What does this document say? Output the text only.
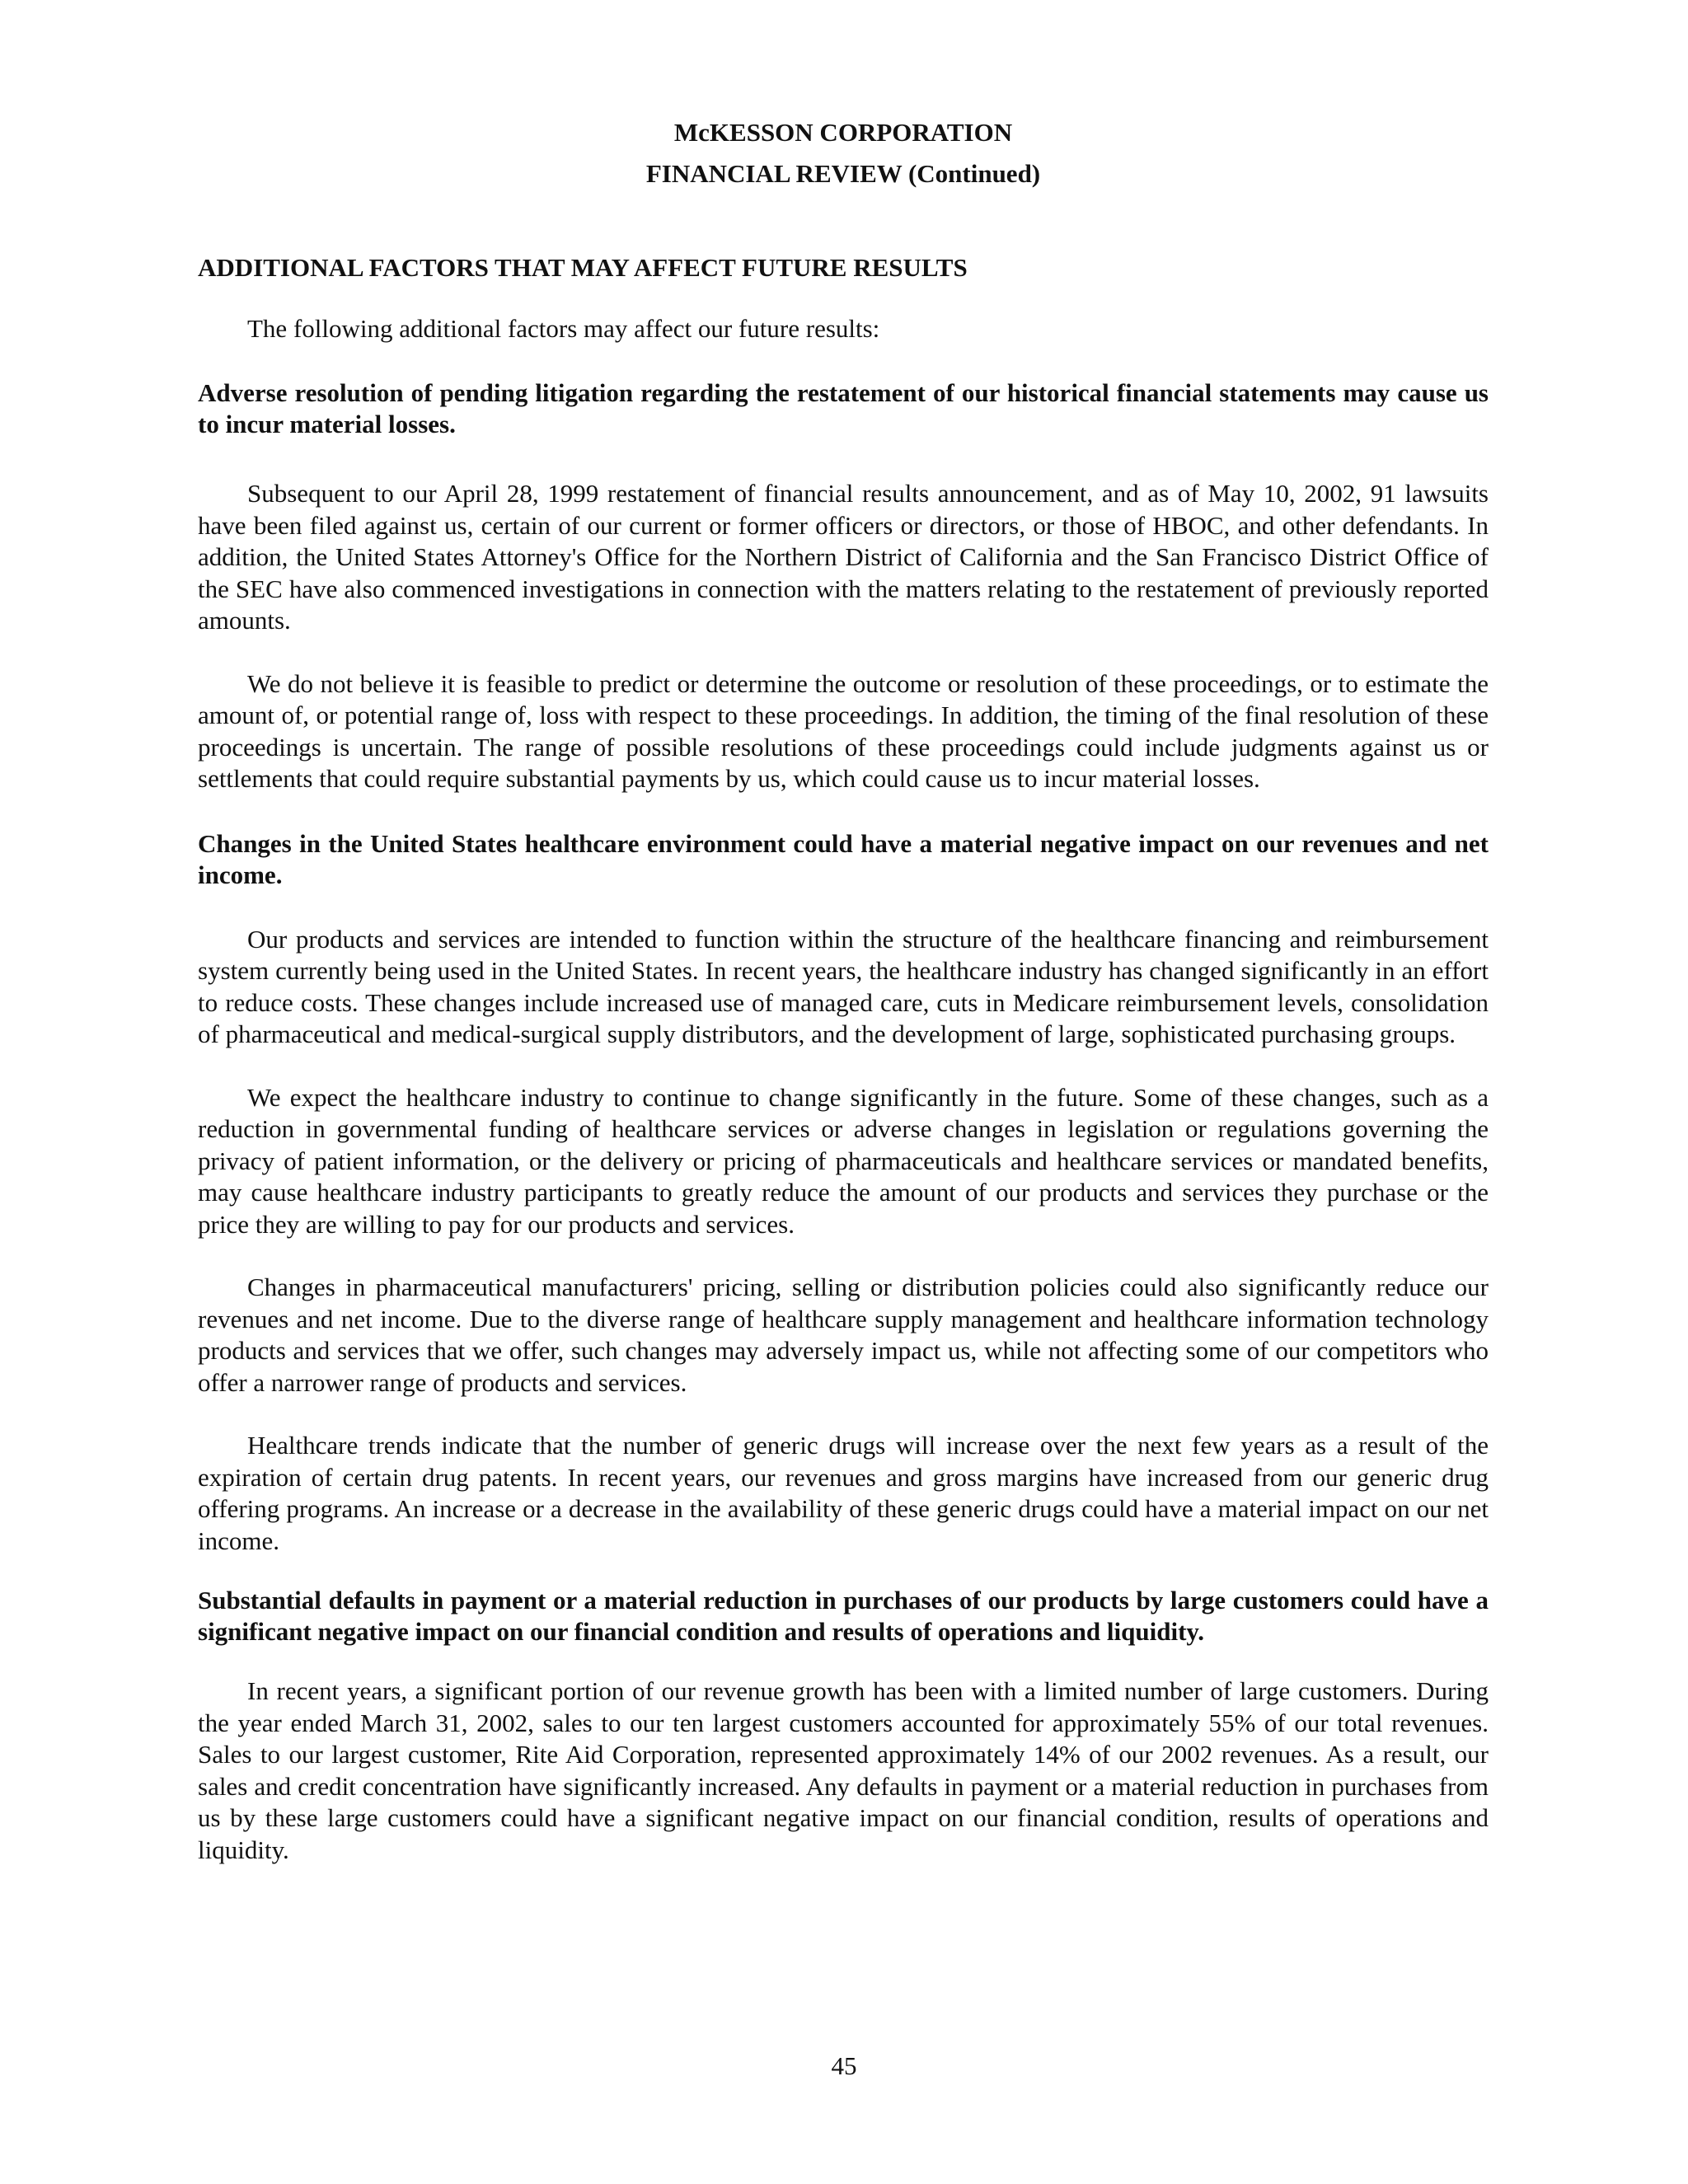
McKESSON CORPORATION

FINANCIAL REVIEW (Continued)

ADDITIONAL FACTORS THAT MAY AFFECT FUTURE RESULTS

The following additional factors may affect our future results:

Adverse resolution of pending litigation regarding the restatement of our historical financial statements may cause us to incur material losses.

Subsequent to our April 28, 1999 restatement of financial results announcement, and as of May 10, 2002, 91 lawsuits have been filed against us, certain of our current or former officers or directors, or those of HBOC, and other defendants. In addition, the United States Attorney's Office for the Northern District of California and the San Francisco District Office of the SEC have also commenced investigations in connection with the matters relating to the restatement of previously reported amounts.

We do not believe it is feasible to predict or determine the outcome or resolution of these proceedings, or to estimate the amount of, or potential range of, loss with respect to these proceedings. In addition, the timing of the final resolution of these proceedings is uncertain. The range of possible resolutions of these proceedings could include judgments against us or settlements that could require substantial payments by us, which could cause us to incur material losses.

Changes in the United States healthcare environment could have a material negative impact on our revenues and net income.

Our products and services are intended to function within the structure of the healthcare financing and reimbursement system currently being used in the United States. In recent years, the healthcare industry has changed significantly in an effort to reduce costs. These changes include increased use of managed care, cuts in Medicare reimbursement levels, consolidation of pharmaceutical and medical-surgical supply distributors, and the development of large, sophisticated purchasing groups.

We expect the healthcare industry to continue to change significantly in the future. Some of these changes, such as a reduction in governmental funding of healthcare services or adverse changes in legislation or regulations governing the privacy of patient information, or the delivery or pricing of pharmaceuticals and healthcare services or mandated benefits, may cause healthcare industry participants to greatly reduce the amount of our products and services they purchase or the price they are willing to pay for our products and services.

Changes in pharmaceutical manufacturers' pricing, selling or distribution policies could also significantly reduce our revenues and net income. Due to the diverse range of healthcare supply management and healthcare information technology products and services that we offer, such changes may adversely impact us, while not affecting some of our competitors who offer a narrower range of products and services.

Healthcare trends indicate that the number of generic drugs will increase over the next few years as a result of the expiration of certain drug patents. In recent years, our revenues and gross margins have increased from our generic drug offering programs. An increase or a decrease in the availability of these generic drugs could have a material impact on our net income.

Substantial defaults in payment or a material reduction in purchases of our products by large customers could have a significant negative impact on our financial condition and results of operations and liquidity.

In recent years, a significant portion of our revenue growth has been with a limited number of large customers. During the year ended March 31, 2002, sales to our ten largest customers accounted for approximately 55% of our total revenues. Sales to our largest customer, Rite Aid Corporation, represented approximately 14% of our 2002 revenues. As a result, our sales and credit concentration have significantly increased. Any defaults in payment or a material reduction in purchases from us by these large customers could have a significant negative impact on our financial condition, results of operations and liquidity.

45
